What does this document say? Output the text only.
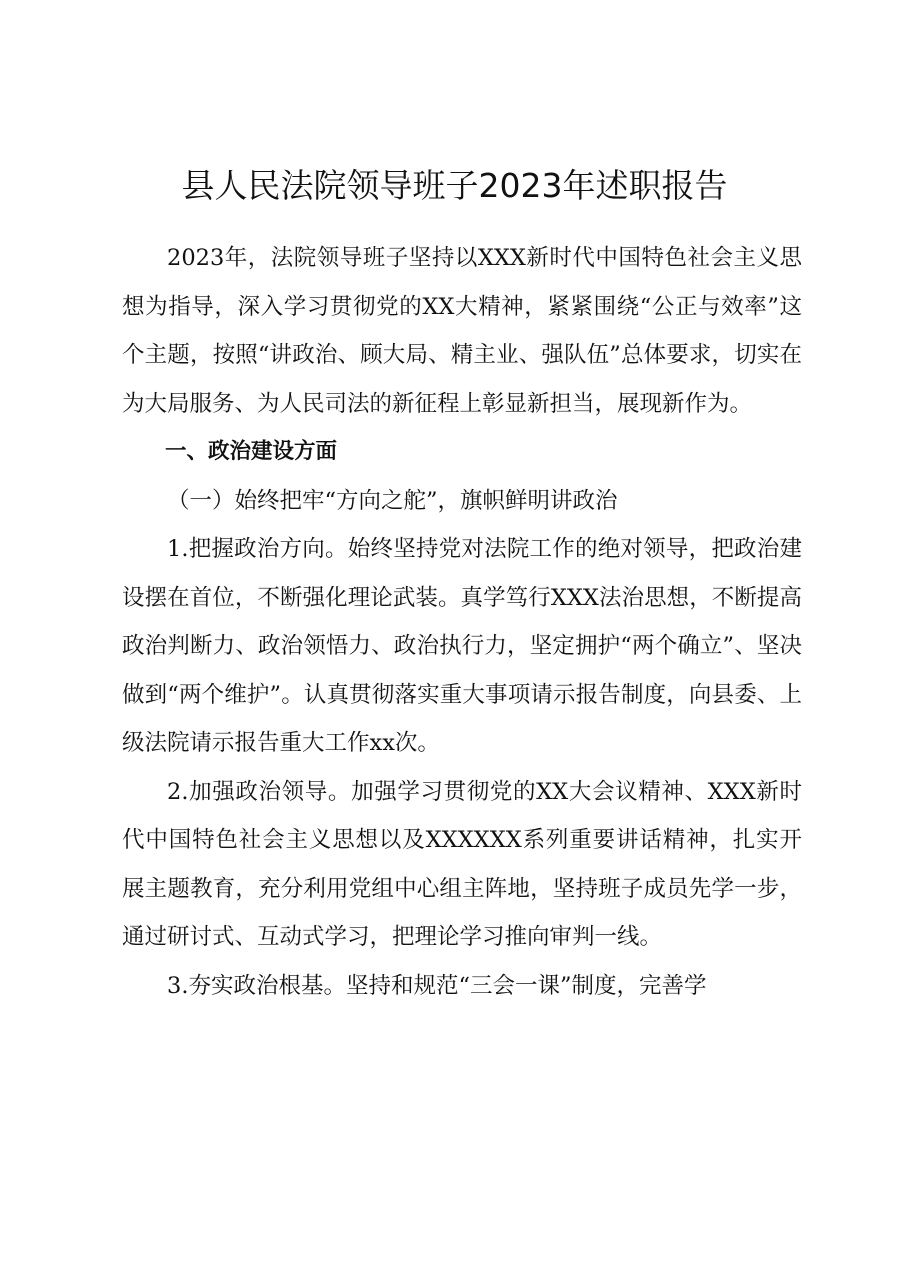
县人民法院领导班子2023年述职报告

2023年，法院领导班子坚持以XXX新时代中国特色社会主义思想为指导，深入学习贯彻党的XX大精神，紧紧围绕“公正与效率”这个主题，按照“讲政治、顾大局、精主业、强队伍”总体要求，切实在为大局服务、为人民司法的新征程上彰显新担当，展现新作为。

一、政治建设方面

（一）始终把牢“方向之舵”，旗帜鲜明讲政治

1.把握政治方向。始终坚持党对法院工作的绝对领导，把政治建设摆在首位，不断强化理论武装。真学笃行XXX法治思想，不断提高政治判断力、政治领悟力、政治执行力，坚定拥护“两个确立”、坚决做到“两个维护”。认真贯彻落实重大事项请示报告制度，向县委、上级法院请示报告重大工作xx次。

2.加强政治领导。加强学习贯彻党的XX大会议精神、XXX新时代中国特色社会主义思想以及XXXXXX系列重要讲话精神，扎实开展主题教育，充分利用党组中心组主阵地，坚持班子成员先学一步，通过研讨式、互动式学习，把理论学习推向审判一线。

3.夯实政治根基。坚持和规范“三会一课”制度，完善学
